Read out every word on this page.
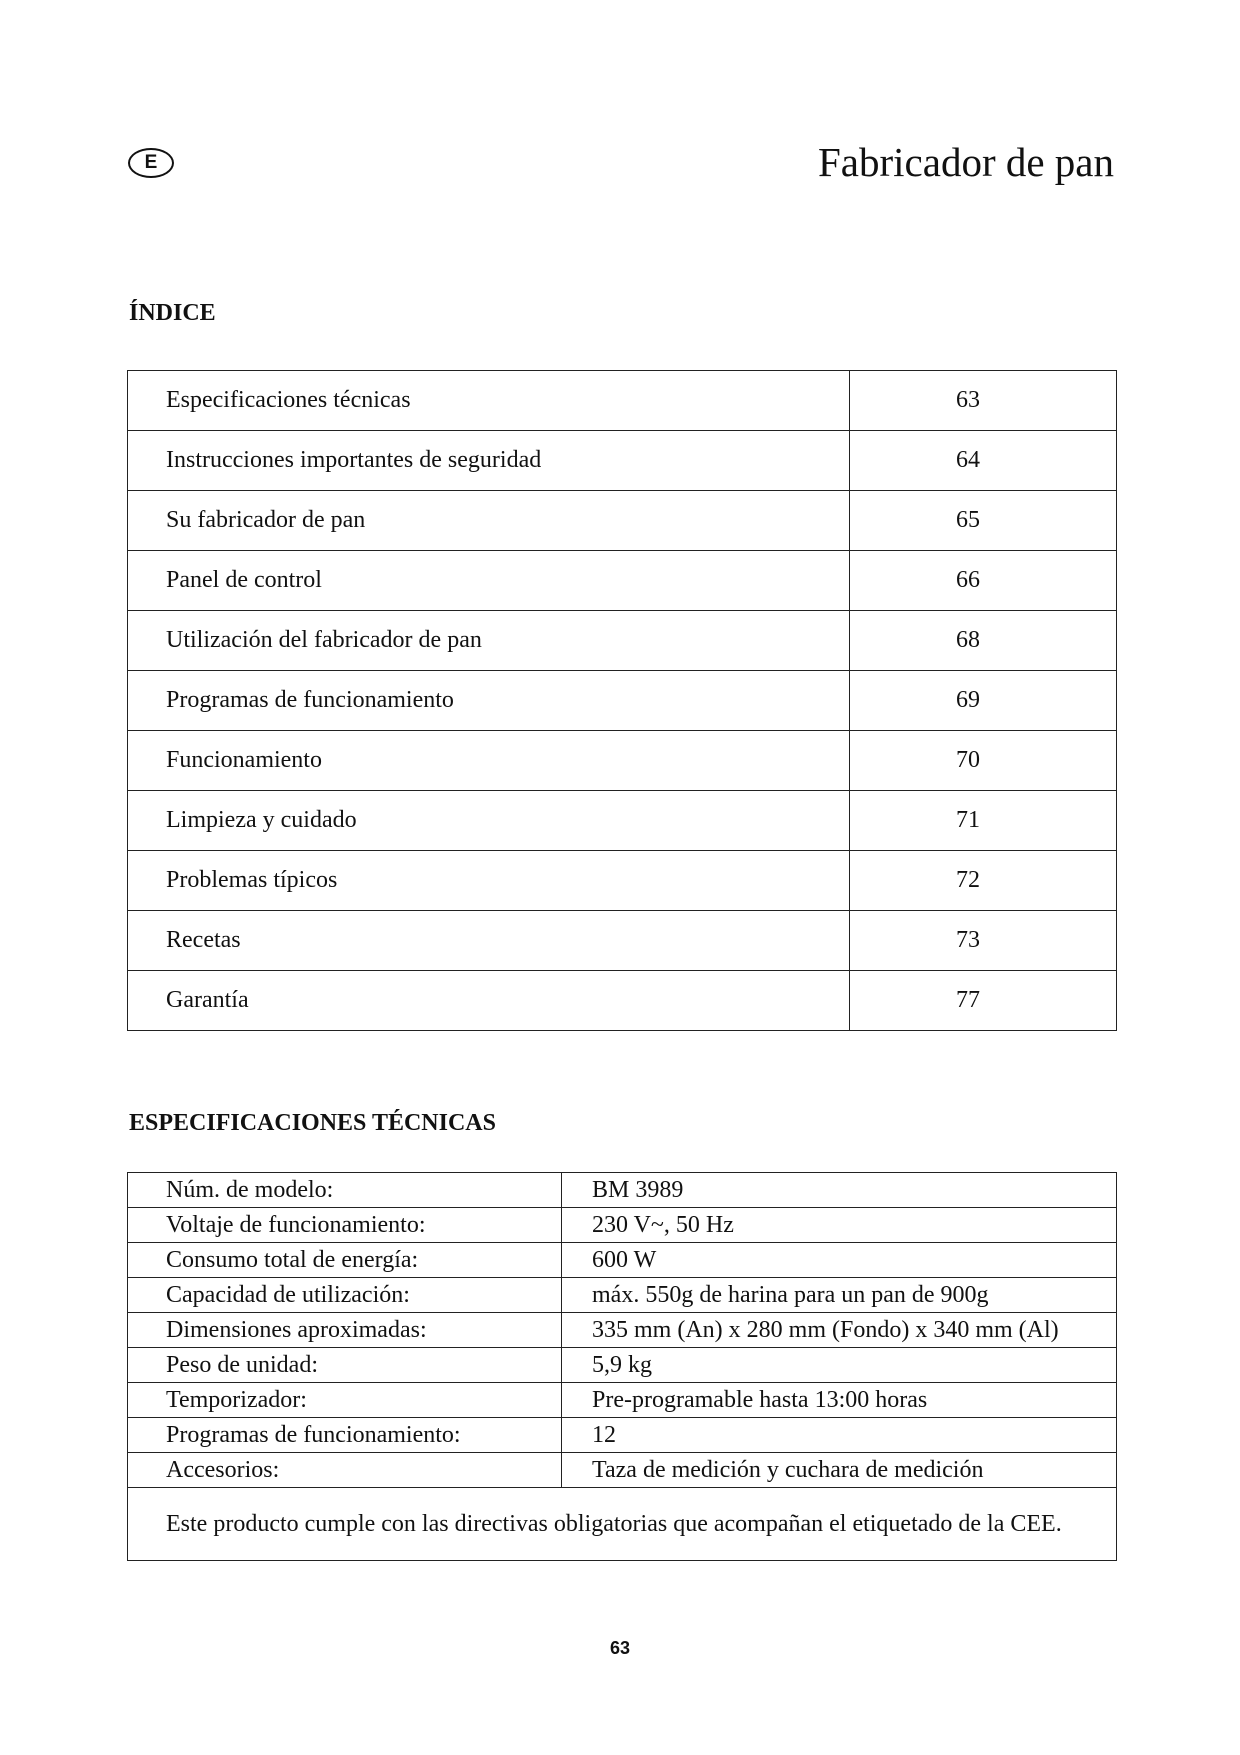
E	Fabricador de pan
ÍNDICE
Especificaciones técnicas	63
Instrucciones importantes de seguridad	64
Su fabricador de pan	65
Panel de control	66
Utilización del fabricador de pan	68
Programas de funcionamiento	69
Funcionamiento	70
Limpieza y cuidado	71
Problemas típicos	72
Recetas	73
Garantía	77
ESPECIFICACIONES TÉCNICAS
Núm. de modelo:	BM 3989
Voltaje de funcionamiento:	230 V~, 50 Hz
Consumo total de energía:	600 W
Capacidad de utilización:	máx. 550g de harina para un pan de 900g
Dimensiones aproximadas:	335 mm (An) x 280 mm (Fondo) x 340 mm (Al)
Peso de unidad:	5,9 kg
Temporizador:	Pre-programable hasta 13:00 horas
Programas de funcionamiento:	12
Accesorios:	Taza de medición y cuchara de medición
Este producto cumple con las directivas obligatorias que acompañan el etiquetado de la CEE.	
63
